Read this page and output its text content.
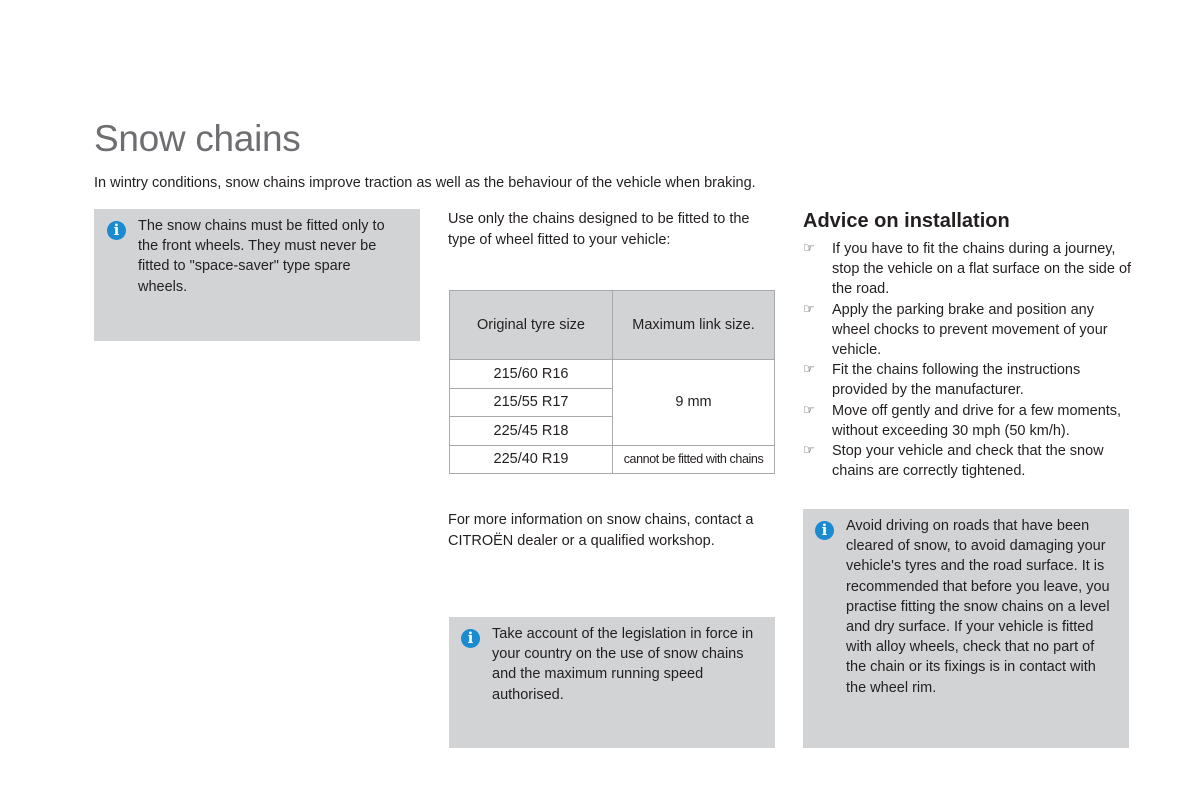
Snow chains
In wintry conditions, snow chains improve traction as well as the behaviour of the vehicle when braking.
i	The snow chains must be fitted only to the front wheels. They must never be fitted to "space-saver" type spare wheels.
Use only the chains designed to be fitted to the type of wheel fitted to your vehicle:
Original tyre size	Maximum link size.
215/60 R16	9 mm
215/55 R17	
225/45 R18	
225/40 R19	cannot be fitted with chains
For more information on snow chains, contact a CITROËN dealer or a qualified workshop.
i	Take account of the legislation in force in your country on the use of snow chains and the maximum running speed authorised.
Advice on installation
☞ If you have to fit the chains during a journey, stop the vehicle on a flat surface on the side of the road.
☞ Apply the parking brake and position any wheel chocks to prevent movement of your vehicle.
☞ Fit the chains following the instructions provided by the manufacturer.
☞ Move off gently and drive for a few moments, without exceeding 30 mph (50 km/h).
☞ Stop your vehicle and check that the snow chains are correctly tightened.
i	Avoid driving on roads that have been cleared of snow, to avoid damaging your vehicle's tyres and the road surface. It is recommended that before you leave, you practise fitting the snow chains on a level and dry surface. If your vehicle is fitted with alloy wheels, check that no part of the chain or its fixings is in contact with the wheel rim.
